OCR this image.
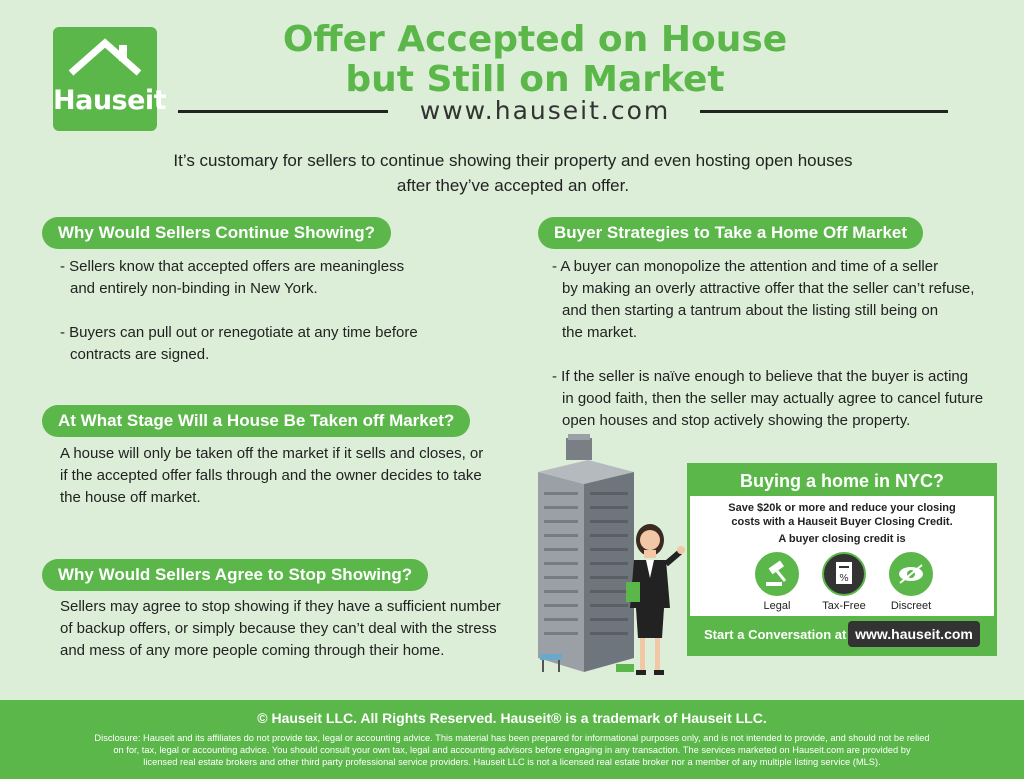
Hauseit
Offer Accepted on House
but Still on Market
www.hauseit.com
It’s customary for sellers to continue showing their property and even hosting open houses
after they’ve accepted an offer.
Why Would Sellers Continue Showing?
- Sellers know that accepted offers are meaningless
and entirely non-binding in New York.
- Buyers can pull out or renegotiate at any time before
contracts are signed.
At What Stage Will a House Be Taken off Market?
A house will only be taken off the market if it sells and closes, or
if the accepted offer falls through and the owner decides to take
the house off market.
Why Would Sellers Agree to Stop Showing?
Sellers may agree to stop showing if they have a sufficient number
of backup offers, or simply because they can’t deal with the stress
and mess of any more people coming through their home.
Buyer Strategies to Take a Home Off Market
- A buyer can monopolize the attention and time of a seller
by making an overly attractive offer that the seller can’t refuse,
and then starting a tantrum about the listing still being on
the market.
- If the seller is naïve enough to believe that the buyer is acting
in good faith, then the seller may actually agree to cancel future
open houses and stop actively showing the property.
Buying a home in NYC?
Save $20k or more and reduce your closing
costs with a Hauseit Buyer Closing Credit.
A buyer closing credit is
Legal
%
Tax-Free	Discreet
Start a Conversation at www.hauseit.com
© Hauseit LLC. All Rights Reserved. Hauseit® is a trademark of Hauseit LLC.
Disclosure: Hauseit and its affiliates do not provide tax, legal or accounting advice. This material has been prepared for informational purposes only, and is not intended to provide, and should not be relied
on for, tax, legal or accounting advice. You should consult your own tax, legal and accounting advisors before engaging in any transaction. The services marketed on Hauseit.com are provided by
licensed real estate brokers and other third party professional service providers. Hauseit LLC is not a licensed real estate broker nor a member of any multiple listing service (MLS).
